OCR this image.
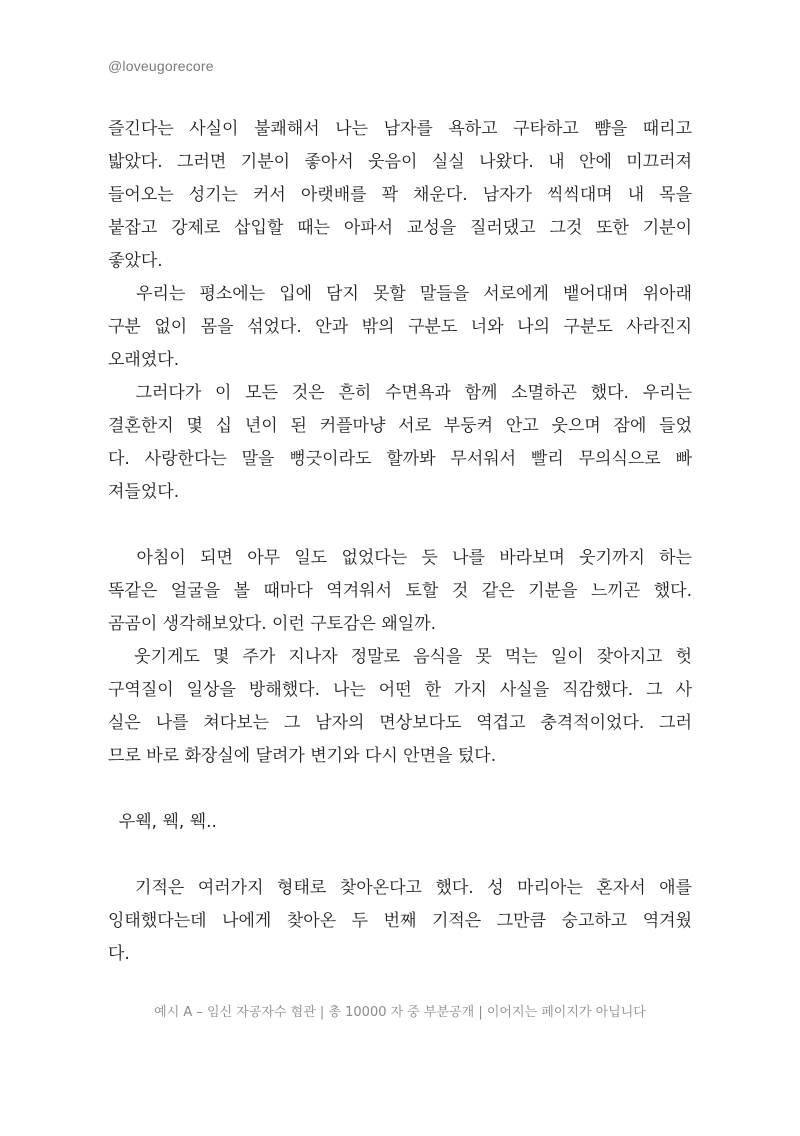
@loveugorecore
즐긴다는 사실이 불쾌해서 나는 남자를 욕하고 구타하고 뺨을 때리고
밟았다. 그러면 기분이 좋아서 웃음이 실실 나왔다. 내 안에 미끄러져
들어오는 성기는 커서 아랫배를 꽉 채운다. 남자가 씩씩대며 내 목을
붙잡고 강제로 삽입할 때는 아파서 교성을 질러댔고 그것 또한 기분이
좋았다.
우리는 평소에는 입에 담지 못할 말들을 서로에게 뱉어대며 위아래
구분 없이 몸을 섞었다. 안과 밖의 구분도 너와 나의 구분도 사라진지
오래였다.
그러다가 이 모든 것은 흔히 수면욕과 함께 소멸하곤 했다. 우리는
결혼한지 몇 십 년이 된 커플마냥 서로 부둥켜 안고 웃으며 잠에 들었
다. 사랑한다는 말을 뻥긋이라도 할까봐 무서워서 빨리 무의식으로 빠
져들었다.
아침이 되면 아무 일도 없었다는 듯 나를 바라보며 웃기까지 하는
똑같은 얼굴을 볼 때마다 역겨워서 토할 것 같은 기분을 느끼곤 했다.
곰곰이 생각해보았다. 이런 구토감은 왜일까.
웃기게도 몇 주가 지나자 정말로 음식을 못 먹는 일이 잦아지고 헛
구역질이 일상을 방해했다. 나는 어떤 한 가지 사실을 직감했다. 그 사
실은 나를 쳐다보는 그 남자의 면상보다도 역겹고 충격적이었다. 그러
므로 바로 화장실에 달려가 변기와 다시 안면을 텄다.
우웩, 웩, 웩..
기적은 여러가지 형태로 찾아온다고 했다. 성 마리아는 혼자서 애를
잉태했다는데 나에게 찾아온 두 번째 기적은 그만큼 숭고하고 역겨웠
다.
예시 A – 임신 자공자수 혐관 | 총 10000 자 중 부분공개 | 이어지는 페이지가 아닙니다
